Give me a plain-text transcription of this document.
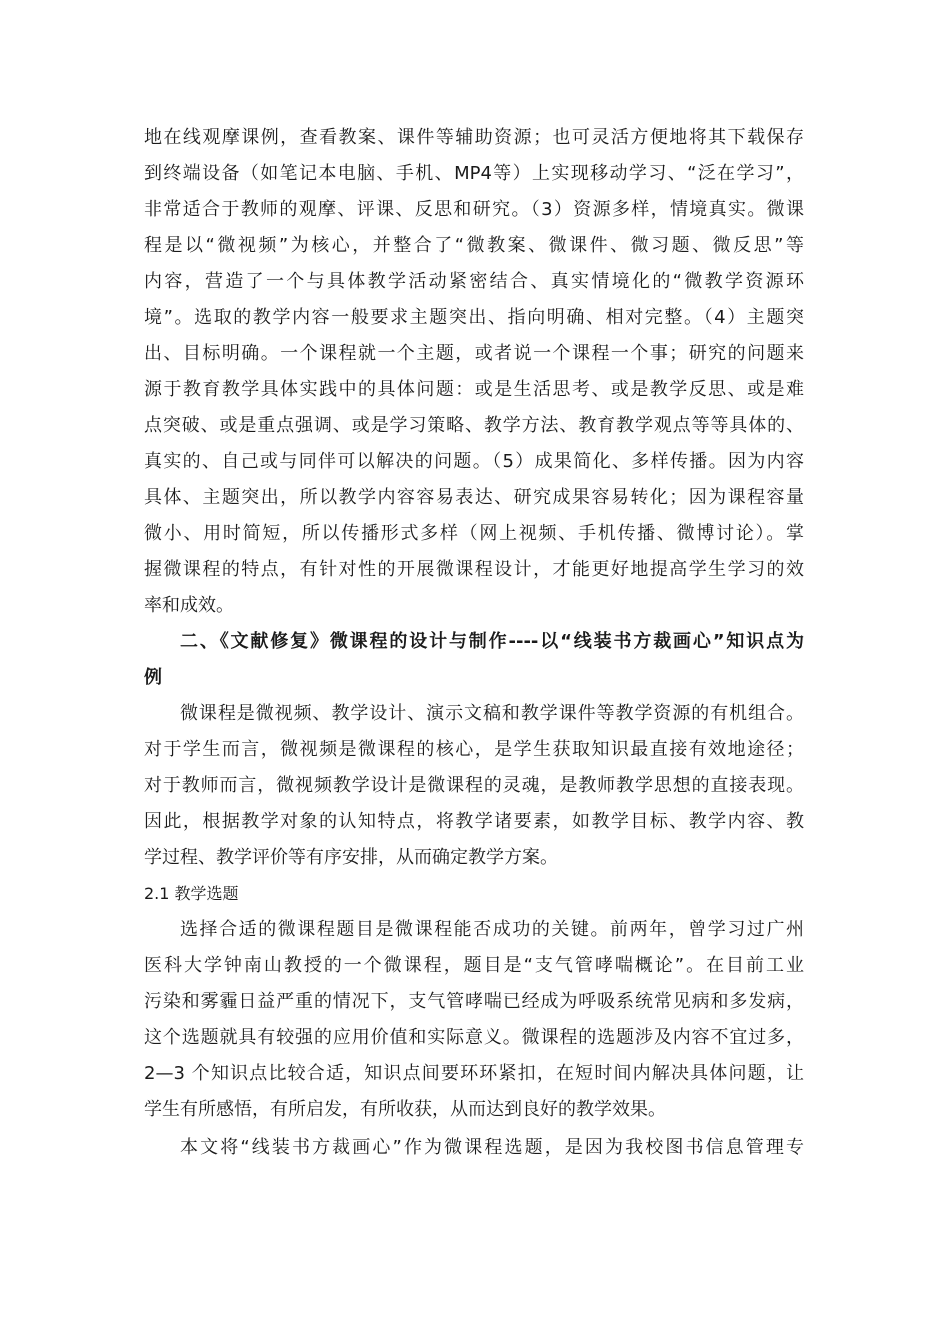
地在线观摩课例，查看教案、课件等辅助资源；也可灵活方便地将其下载保存
到终端设备（如笔记本电脑、手机、MP4等）上实现移动学习、“泛在学习”，
非常适合于教师的观摩、评课、反思和研究。（3）资源多样，情境真实。微课
程是以“微视频”为核心，并整合了“微教案、微课件、微习题、微反思”等
内容，营造了一个与具体教学活动紧密结合、真实情境化的“微教学资源环
境”。选取的教学内容一般要求主题突出、指向明确、相对完整。（4）主题突
出、目标明确。一个课程就一个主题，或者说一个课程一个事；研究的问题来
源于教育教学具体实践中的具体问题：或是生活思考、或是教学反思、或是难
点突破、或是重点强调、或是学习策略、教学方法、教育教学观点等等具体的、
真实的、自己或与同伴可以解决的问题。（5）成果简化、多样传播。因为内容
具体、主题突出，所以教学内容容易表达、研究成果容易转化；因为课程容量
微小、用时简短，所以传播形式多样（网上视频、手机传播、微博讨论）。掌
握微课程的特点，有针对性的开展微课程设计，才能更好地提高学生学习的效
率和成效。
二、《文献修复》微课程的设计与制作----以“线装书方裁画心”知识点为
例
微课程是微视频、教学设计、演示文稿和教学课件等教学资源的有机组合。
对于学生而言，微视频是微课程的核心，是学生获取知识最直接有效地途径；
对于教师而言，微视频教学设计是微课程的灵魂，是教师教学思想的直接表现。
因此，根据教学对象的认知特点，将教学诸要素，如教学目标、教学内容、教
学过程、教学评价等有序安排，从而确定教学方案。
2.1 教学选题
选择合适的微课程题目是微课程能否成功的关键。前两年，曾学习过广州
医科大学钟南山教授的一个微课程，题目是“支气管哮喘概论”。在目前工业
污染和雾霾日益严重的情况下，支气管哮喘已经成为呼吸系统常见病和多发病，
这个选题就具有较强的应用价值和实际意义。微课程的选题涉及内容不宜过多，
2—3 个知识点比较合适，知识点间要环环紧扣，在短时间内解决具体问题，让
学生有所感悟，有所启发，有所收获，从而达到良好的教学效果。
本文将“线装书方裁画心”作为微课程选题，是因为我校图书信息管理专
